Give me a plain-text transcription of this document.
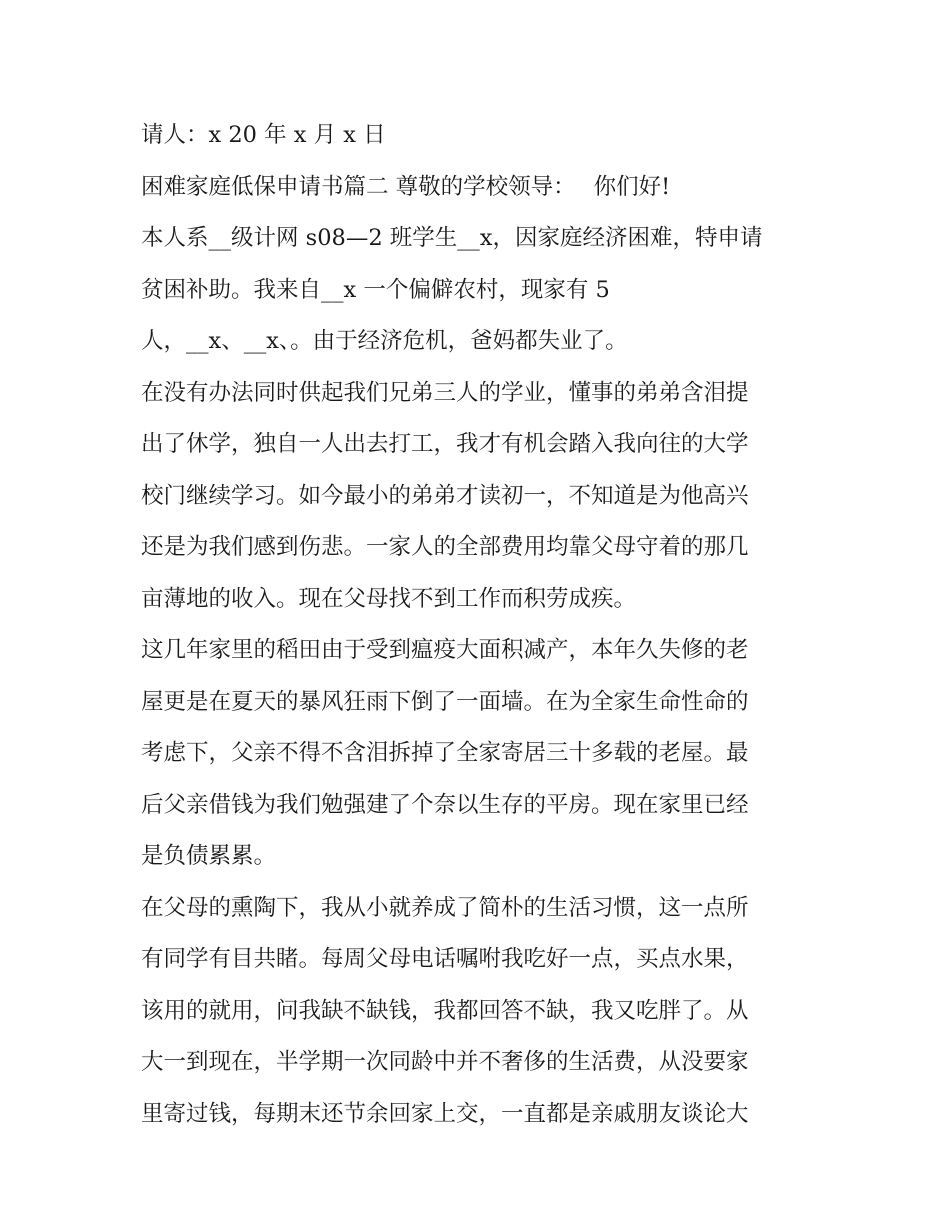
请人：x 20 年 x 月 x 日
困难家庭低保申请书篇二 尊敬的学校领导： 你们好!
本人系__级计网 s08—2 班学生__x，因家庭经济困难，特申请
贫困补助。我来自__x 一个偏僻农村，现家有 5
人，__x、__x、。由于经济危机，爸妈都失业了。
在没有办法同时供起我们兄弟三人的学业，懂事的弟弟含泪提
出了休学，独自一人出去打工，我才有机会踏入我向往的大学
校门继续学习。如今最小的弟弟才读初一，不知道是为他高兴
还是为我们感到伤悲。一家人的全部费用均靠父母守着的那几
亩薄地的收入。现在父母找不到工作而积劳成疾。
这几年家里的稻田由于受到瘟疫大面积减产，本年久失修的老
屋更是在夏天的暴风狂雨下倒了一面墙。在为全家生命性命的
考虑下，父亲不得不含泪拆掉了全家寄居三十多载的老屋。最
后父亲借钱为我们勉强建了个奈以生存的平房。现在家里已经
是负债累累。
在父母的熏陶下，我从小就养成了简朴的生活习惯，这一点所
有同学有目共睹。每周父母电话嘱咐我吃好一点，买点水果，
该用的就用，问我缺不缺钱，我都回答不缺，我又吃胖了。从
大一到现在，半学期一次同龄中并不奢侈的生活费，从没要家
里寄过钱，每期末还节余回家上交，一直都是亲戚朋友谈论大
